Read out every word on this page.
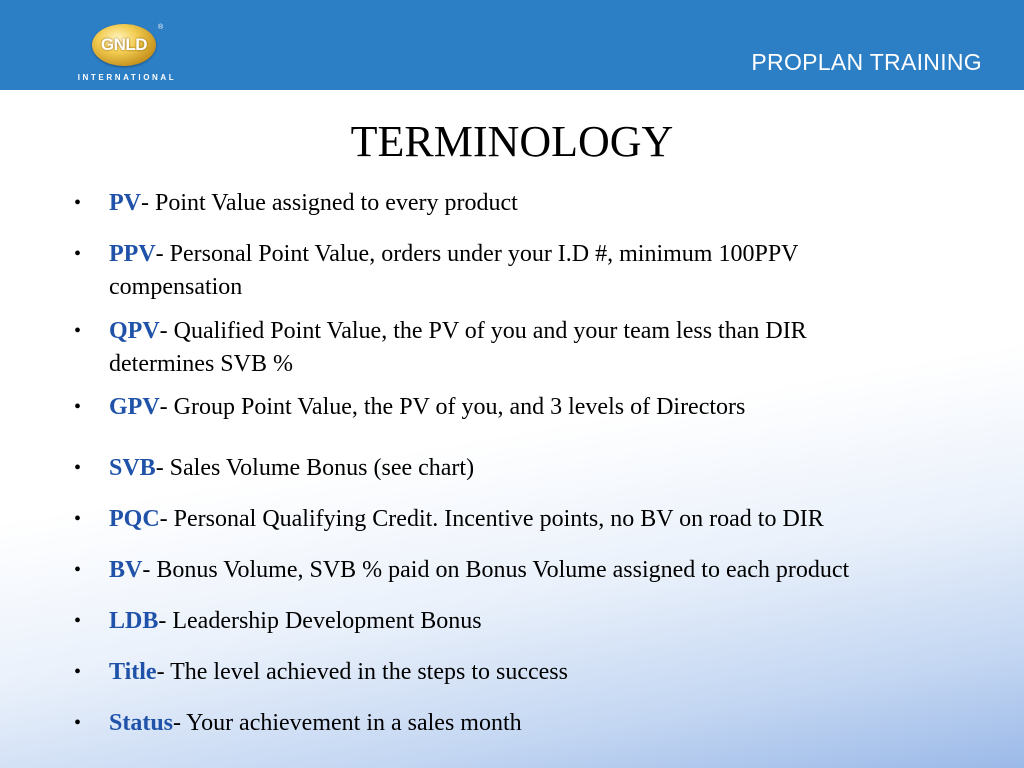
GNLD
®
INTERNATIONAL
PROPLAN TRAINING
TERMINOLOGY
• PV- Point Value assigned to every product
• PPV- Personal Point Value, orders under your I.D #, minimum 100PPV
compensation
• QPV- Qualified Point Value, the PV of you and your team less than DIR
determines SVB %
• GPV- Group Point Value, the PV of you, and 3 levels of Directors
• SVB- Sales Volume Bonus (see chart)
• PQC- Personal Qualifying Credit. Incentive points, no BV on road to DIR
• BV- Bonus Volume, SVB % paid on Bonus Volume assigned to each product
• LDB- Leadership Development Bonus
• Title- The level achieved in the steps to success
• Status- Your achievement in a sales month
